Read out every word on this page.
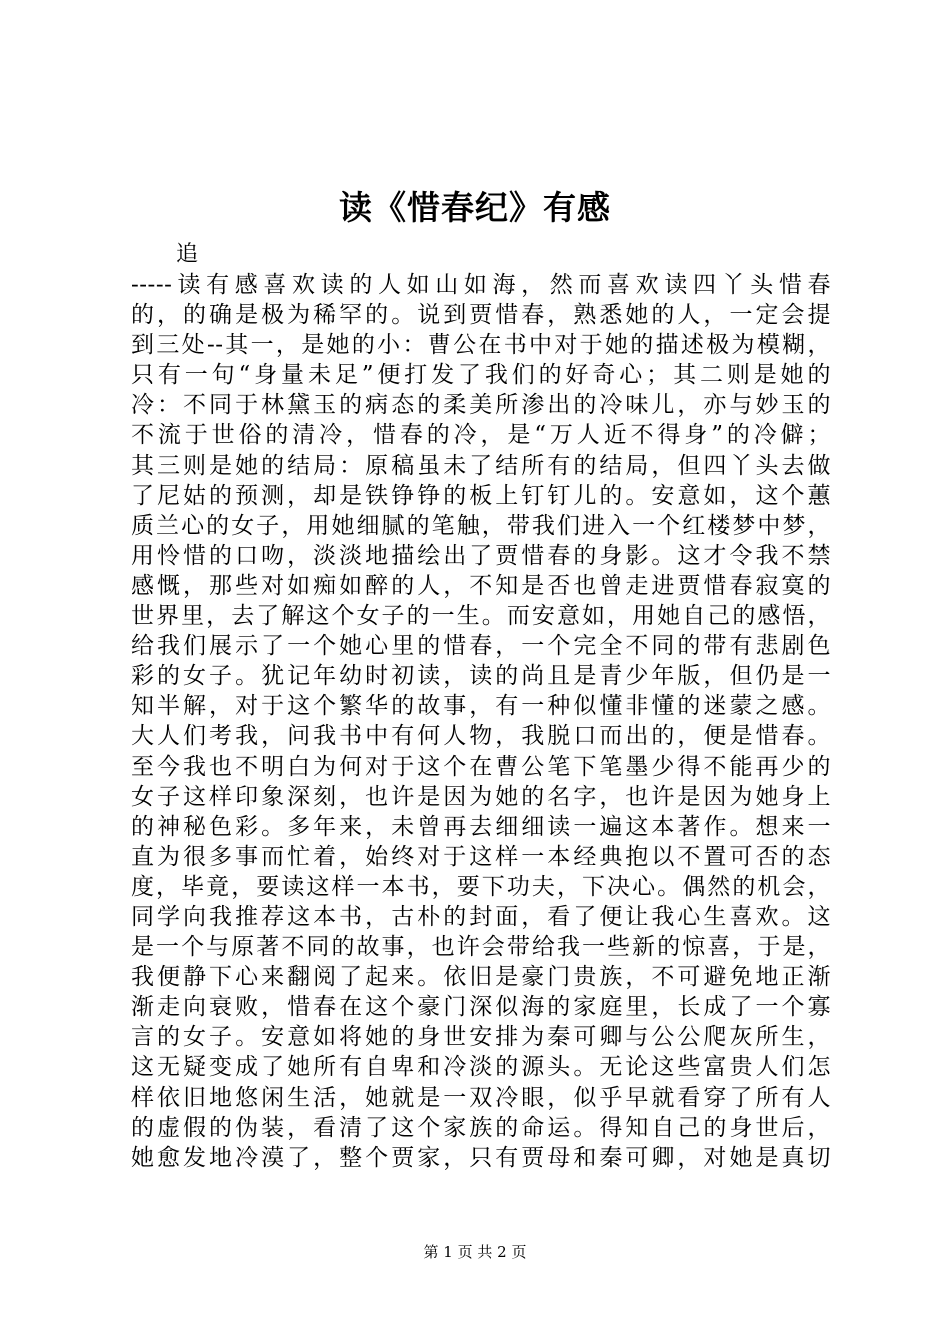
读《惜春纪》有感
追
-----读有感喜欢读的人如山如海，然而喜欢读四丫头惜春
的，的确是极为稀罕的。说到贾惜春，熟悉她的人，一定会提
到三处--其一，是她的小：曹公在书中对于她的描述极为模糊，
只有一句“身量未足”便打发了我们的好奇心；其二则是她的
冷：不同于林黛玉的病态的柔美所渗出的冷味儿，亦与妙玉的
不流于世俗的清冷，惜春的冷，是“万人近不得身”的冷僻；
其三则是她的结局：原稿虽未了结所有的结局，但四丫头去做
了尼姑的预测，却是铁铮铮的板上钉钉儿的。安意如，这个蕙
质兰心的女子，用她细腻的笔触，带我们进入一个红楼梦中梦，
用怜惜的口吻，淡淡地描绘出了贾惜春的身影。这才令我不禁
感慨，那些对如痴如醉的人，不知是否也曾走进贾惜春寂寞的
世界里，去了解这个女子的一生。而安意如，用她自己的感悟，
给我们展示了一个她心里的惜春，一个完全不同的带有悲剧色
彩的女子。犹记年幼时初读，读的尚且是青少年版，但仍是一
知半解，对于这个繁华的故事，有一种似懂非懂的迷蒙之感。
大人们考我，问我书中有何人物，我脱口而出的，便是惜春。
至今我也不明白为何对于这个在曹公笔下笔墨少得不能再少的
女子这样印象深刻，也许是因为她的名字，也许是因为她身上
的神秘色彩。多年来，未曾再去细细读一遍这本著作。想来一
直为很多事而忙着，始终对于这样一本经典抱以不置可否的态
度，毕竟，要读这样一本书，要下功夫，下决心。偶然的机会，
同学向我推荐这本书，古朴的封面，看了便让我心生喜欢。这
是一个与原著不同的故事，也许会带给我一些新的惊喜，于是，
我便静下心来翻阅了起来。依旧是豪门贵族，不可避免地正渐
渐走向衰败，惜春在这个豪门深似海的家庭里，长成了一个寡
言的女子。安意如将她的身世安排为秦可卿与公公爬灰所生，
这无疑变成了她所有自卑和冷淡的源头。无论这些富贵人们怎
样依旧地悠闲生活，她就是一双冷眼，似乎早就看穿了所有人
的虚假的伪装，看清了这个家族的命运。得知自己的身世后，
她愈发地冷漠了，整个贾家，只有贾母和秦可卿，对她是真切
第 1 页 共 2 页
